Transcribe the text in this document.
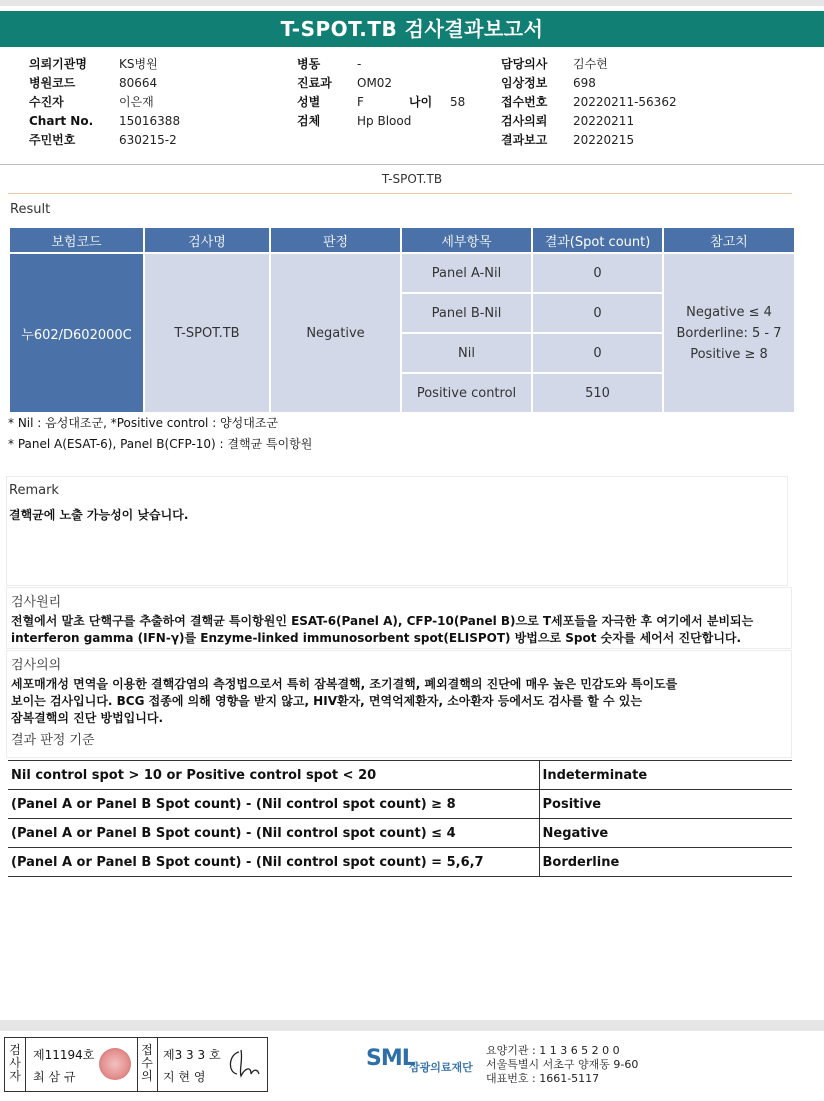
T-SPOT.TB 검사결과보고서
의뢰기관명	KS병원
병원코드	80664
수진자	이은재
Chart No. 15016388
주민번호	630215-2
병동	-
진료과 OM02
성별	F	나이 58
검체	Hp Blood
담당의사 김수현
임상정보 698
접수번호 20220211-56362
검사의뢰 20220211
결과보고 20220215
T-SPOT.TB
Result
보험코드	검사명	판정	세부항목	결과(Spot count)	참고치
누602/D602000C	T-SPOT.TB	Negative	Panel A-Nil	0	Negative ≤ 4
Borderline: 5 - 7
Positive ≥ 8

			Panel B-Nil	0	
			Nil	0	
			Positive control	510	
* Nil : 음성대조군, *Positive control : 양성대조군
* Panel A(ESAT-6), Panel B(CFP-10) : 결핵균 특이항원
Remark
결핵균에 노출 가능성이 낮습니다.
검사원리
전혈에서 말초 단핵구를 추출하여 결핵균 특이항원인 ESAT-6(Panel A), CFP-10(Panel B)으로 T세포들을 자극한 후 여기에서 분비되는
interferon gamma (IFN-γ)를 Enzyme-linked immunosorbent spot(ELISPOT) 방법으로 Spot 숫자를 세어서 진단합니다.
검사의의
세포매개성 면역을 이용한 결핵감염의 측정법으로서 특히 잠복결핵, 조기결핵, 폐외결핵의 진단에 매우 높은 민감도와 특이도를
보이는 검사입니다. BCG 접종에 의해 영향을 받지 않고, HIV환자, 면역억제환자, 소아환자 등에서도 검사를 할 수 있는
잠복결핵의 진단 방법입니다.
결과 판정 기준
Nil control spot > 10 or Positive control spot < 20	Indeterminate
(Panel A or Panel B Spot count) - (Nil control spot count) ≥ 8	Positive
(Panel A or Panel B Spot count) - (Nil control spot count) ≤ 4	Negative
(Panel A or Panel B Spot count) - (Nil control spot count) = 5,6,7	Borderline
검사자
제11194호
최 삼 규
접수의
제3 3 3 호
지 현 영
SML
삼광의료재단
요양기관 : 1 1 3 6 5 2 0 0
서울특별시 서초구 양재동 9-60
대표번호 : 1661-5117
